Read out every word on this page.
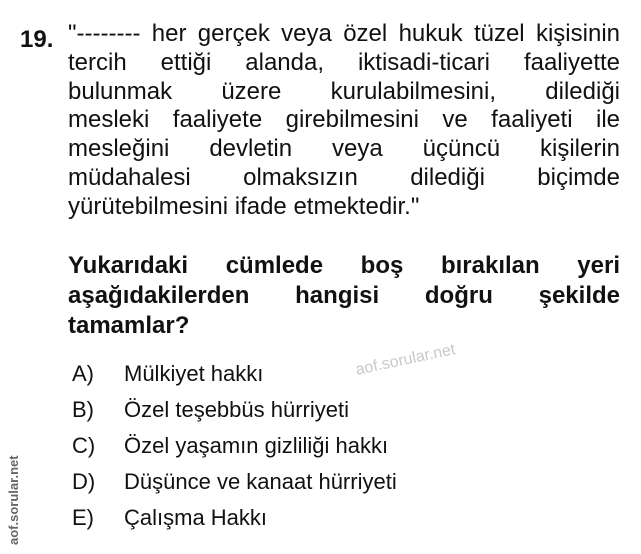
19. "-------- her gerçek veya özel hukuk tüzel kişisinin
tercih ettiği alanda, iktisadi-ticari faaliyette
bulunmak üzere kurulabilmesini, dilediği
mesleki faaliyete girebilmesini ve faaliyeti ile
mesleğini devletin veya üçüncü kişilerin
müdahalesi olmaksızın dilediği biçimde
yürütebilmesini ifade etmektedir."
Yukarıdaki cümlede boş bırakılan yeri
aşağıdakilerden hangisi doğru şekilde
tamamlar?
A)	Mülkiyet hakkı
B)	Özel teşebbüs hürriyeti
C)	Özel yaşamın gizliliği hakkı
D)	Düşünce ve kanaat hürriyeti
E)	Çalışma Hakkı
aof.sorular.net
aof.sorular.net
